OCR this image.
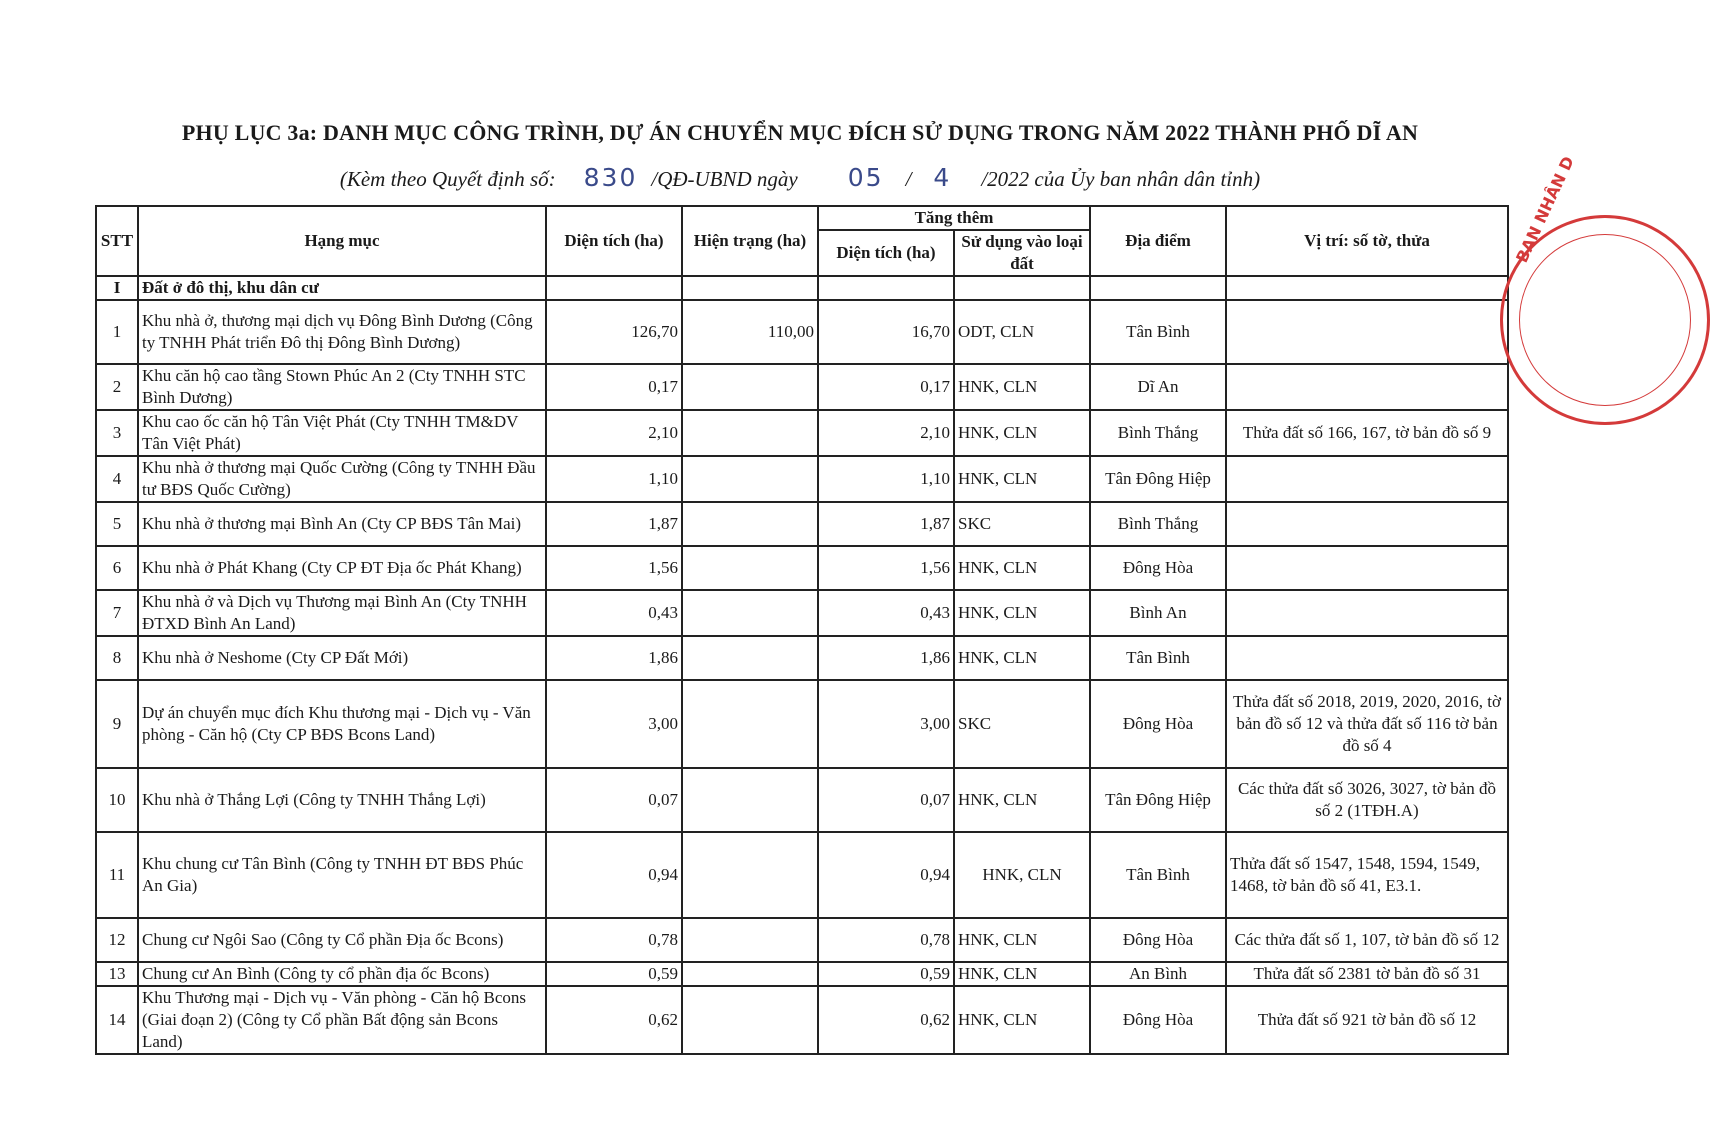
PHỤ LỤC 3a: DANH MỤC CÔNG TRÌNH, DỰ ÁN CHUYỂN MỤC ĐÍCH SỬ DỤNG TRONG NĂM 2022 THÀNH PHỐ DĨ AN
(Kèm theo Quyết định số: 830 /QĐ-UBND ngày 05 / 4 /2022 của Ủy ban nhân dân tỉnh)
STT	Hạng mục	Diện tích (ha)	Hiện trạng (ha)	Tăng thêm		Địa điểm	Vị trí: số tờ, thửa
				Diện tích (ha)	Sử dụng vào loại đất		
I	Đất ở đô thị, khu dân cư						
1	Khu nhà ở, thương mại dịch vụ Đông Bình Dương (Công ty TNHH Phát triển Đô thị Đông Bình Dương)	126,70	110,00	16,70	ODT, CLN	Tân Bình	
2	Khu căn hộ cao tầng Stown Phúc An 2 (Cty TNHH STC Bình Dương)	0,17		0,17	HNK, CLN	Dĩ An	
3	Khu cao ốc căn hộ Tân Việt Phát (Cty TNHH TM&DV Tân Việt Phát)	2,10		2,10	HNK, CLN	Bình Thắng	Thửa đất số 166, 167, tờ bản đồ số 9
4	Khu nhà ở thương mại Quốc Cường (Công ty TNHH Đầu tư BĐS Quốc Cường)	1,10		1,10	HNK, CLN	Tân Đông Hiệp	
5	Khu nhà ở thương mại Bình An (Cty CP BĐS Tân Mai)	1,87		1,87	SKC	Bình Thắng	
6	Khu nhà ở Phát Khang (Cty CP ĐT Địa ốc Phát Khang)	1,56		1,56	HNK, CLN	Đông Hòa	
7	Khu nhà ở và Dịch vụ Thương mại Bình An (Cty TNHH ĐTXD Bình An Land)	0,43		0,43	HNK, CLN	Bình An	
8	Khu nhà ở Neshome (Cty CP Đất Mới)	1,86		1,86	HNK, CLN	Tân Bình	
9	Dự án chuyển mục đích Khu thương mại - Dịch vụ - Văn phòng - Căn hộ (Cty CP BĐS Bcons Land)	3,00		3,00	SKC	Đông Hòa	Thửa đất số 2018, 2019, 2020, 2016, tờ bản đồ số 12 và thửa đất số 116 tờ bản đồ số 4
10	Khu nhà ở Thắng Lợi (Công ty TNHH Thắng Lợi)	0,07		0,07	HNK, CLN	Tân Đông Hiệp	Các thửa đất số 3026, 3027, tờ bản đồ số 2 (1TĐH.A)
11	Khu chung cư Tân Bình (Công ty TNHH ĐT BĐS Phúc An Gia)	0,94		0,94	HNK, CLN	Tân Bình	Thửa đất số 1547, 1548, 1594, 1549, 1468, tờ bản đồ số 41, E3.1.
12	Chung cư Ngôi Sao (Công ty Cổ phần Địa ốc Bcons)	0,78		0,78	HNK, CLN	Đông Hòa	Các thửa đất số 1, 107, tờ bản đồ số 12
13	Chung cư An Bình (Công ty cổ phần địa ốc Bcons)	0,59		0,59	HNK, CLN	An Bình	Thửa đất số 2381 tờ bản đồ số 31
14	Khu Thương mại - Dịch vụ - Văn phòng - Căn hộ Bcons (Giai đoạn 2) (Công ty Cổ phần Bất động sản Bcons Land)	0,62		0,62	HNK, CLN	Đông Hòa	Thửa đất số 921 tờ bản đồ số 12
BAN NHÂN D
